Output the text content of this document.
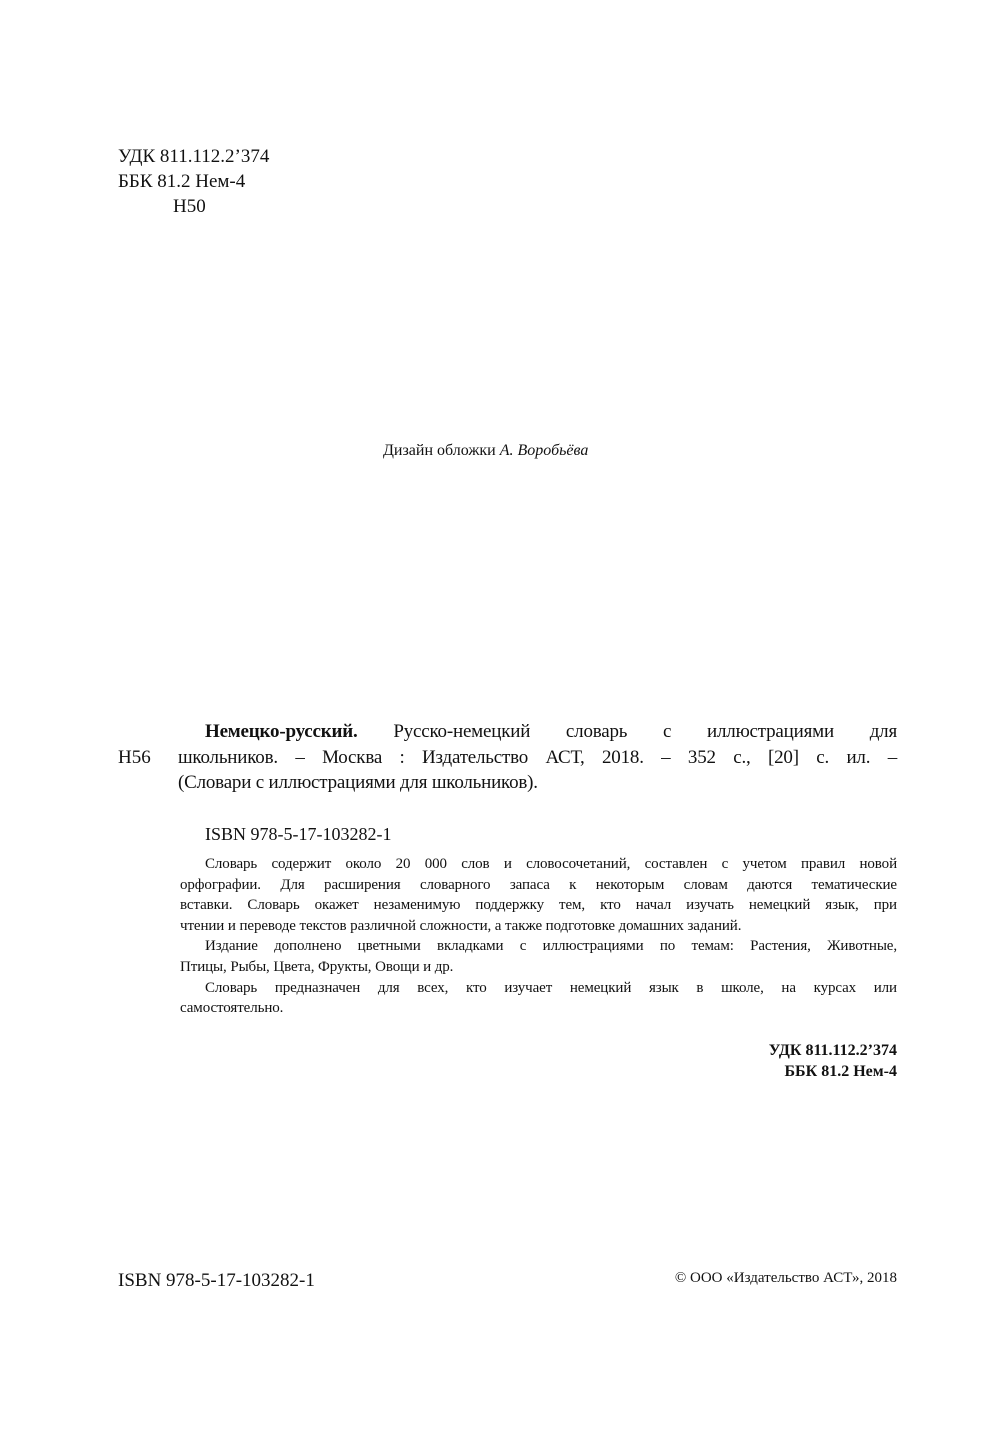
УДК 811.112.2’374
ББК 81.2 Нем-4
Н50
Дизайн обложки А. Воробьёва
Н56
Немецко-русский. Русско-немецкий словарь с иллюстрациями для
школьников. – Москва : Издательство АСТ, 2018. – 352 с., [20] с. ил. –
(Словари с иллюстрациями для школьников).
ISBN 978-5-17-103282-1
Словарь содержит около 20 000 слов и словосочетаний, составлен с учетом правил новой
орфографии. Для расширения словарного запаса к некоторым словам даются тематические
вставки. Словарь окажет незаменимую поддержку тем, кто начал изучать немецкий язык, при
чтении и переводе текстов различной сложности, а также подготовке домашних заданий.
Издание дополнено цветными вкладками с иллюстрациями по темам: Растения, Животные,
Птицы, Рыбы, Цвета, Фрукты, Овощи и др.
Словарь предназначен для всех, кто изучает немецкий язык в школе, на курсах или
самостоятельно.
УДК 811.112.2’374
ББК 81.2 Нем-4
ISBN 978-5-17-103282-1	© ООО «Издательство АСТ», 2018
